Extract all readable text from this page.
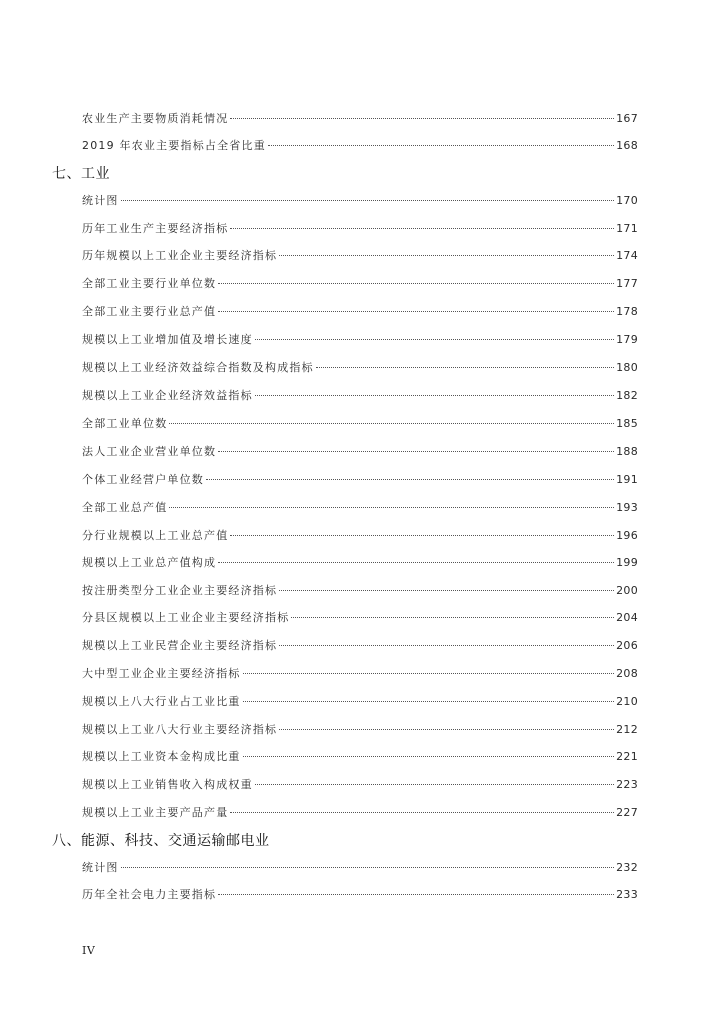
农业生产主要物质消耗情况	167
2019 年农业主要指标占全省比重	168
七、工业
统计图	170
历年工业生产主要经济指标	171
历年规模以上工业企业主要经济指标	174
全部工业主要行业单位数	177
全部工业主要行业总产值	178
规模以上工业增加值及增长速度	179
规模以上工业经济效益综合指数及构成指标	180
规模以上工业企业经济效益指标	182
全部工业单位数	185
法人工业企业营业单位数	188
个体工业经营户单位数	191
全部工业总产值	193
分行业规模以上工业总产值	196
规模以上工业总产值构成	199
按注册类型分工业企业主要经济指标	200
分县区规模以上工业企业主要经济指标	204
规模以上工业民营企业主要经济指标	206
大中型工业企业主要经济指标	208
规模以上八大行业占工业比重	210
规模以上工业八大行业主要经济指标	212
规模以上工业资本金构成比重	221
规模以上工业销售收入构成权重	223
规模以上工业主要产品产量	227
八、能源、科技、交通运输邮电业
统计图	232
历年全社会电力主要指标	233
IV
